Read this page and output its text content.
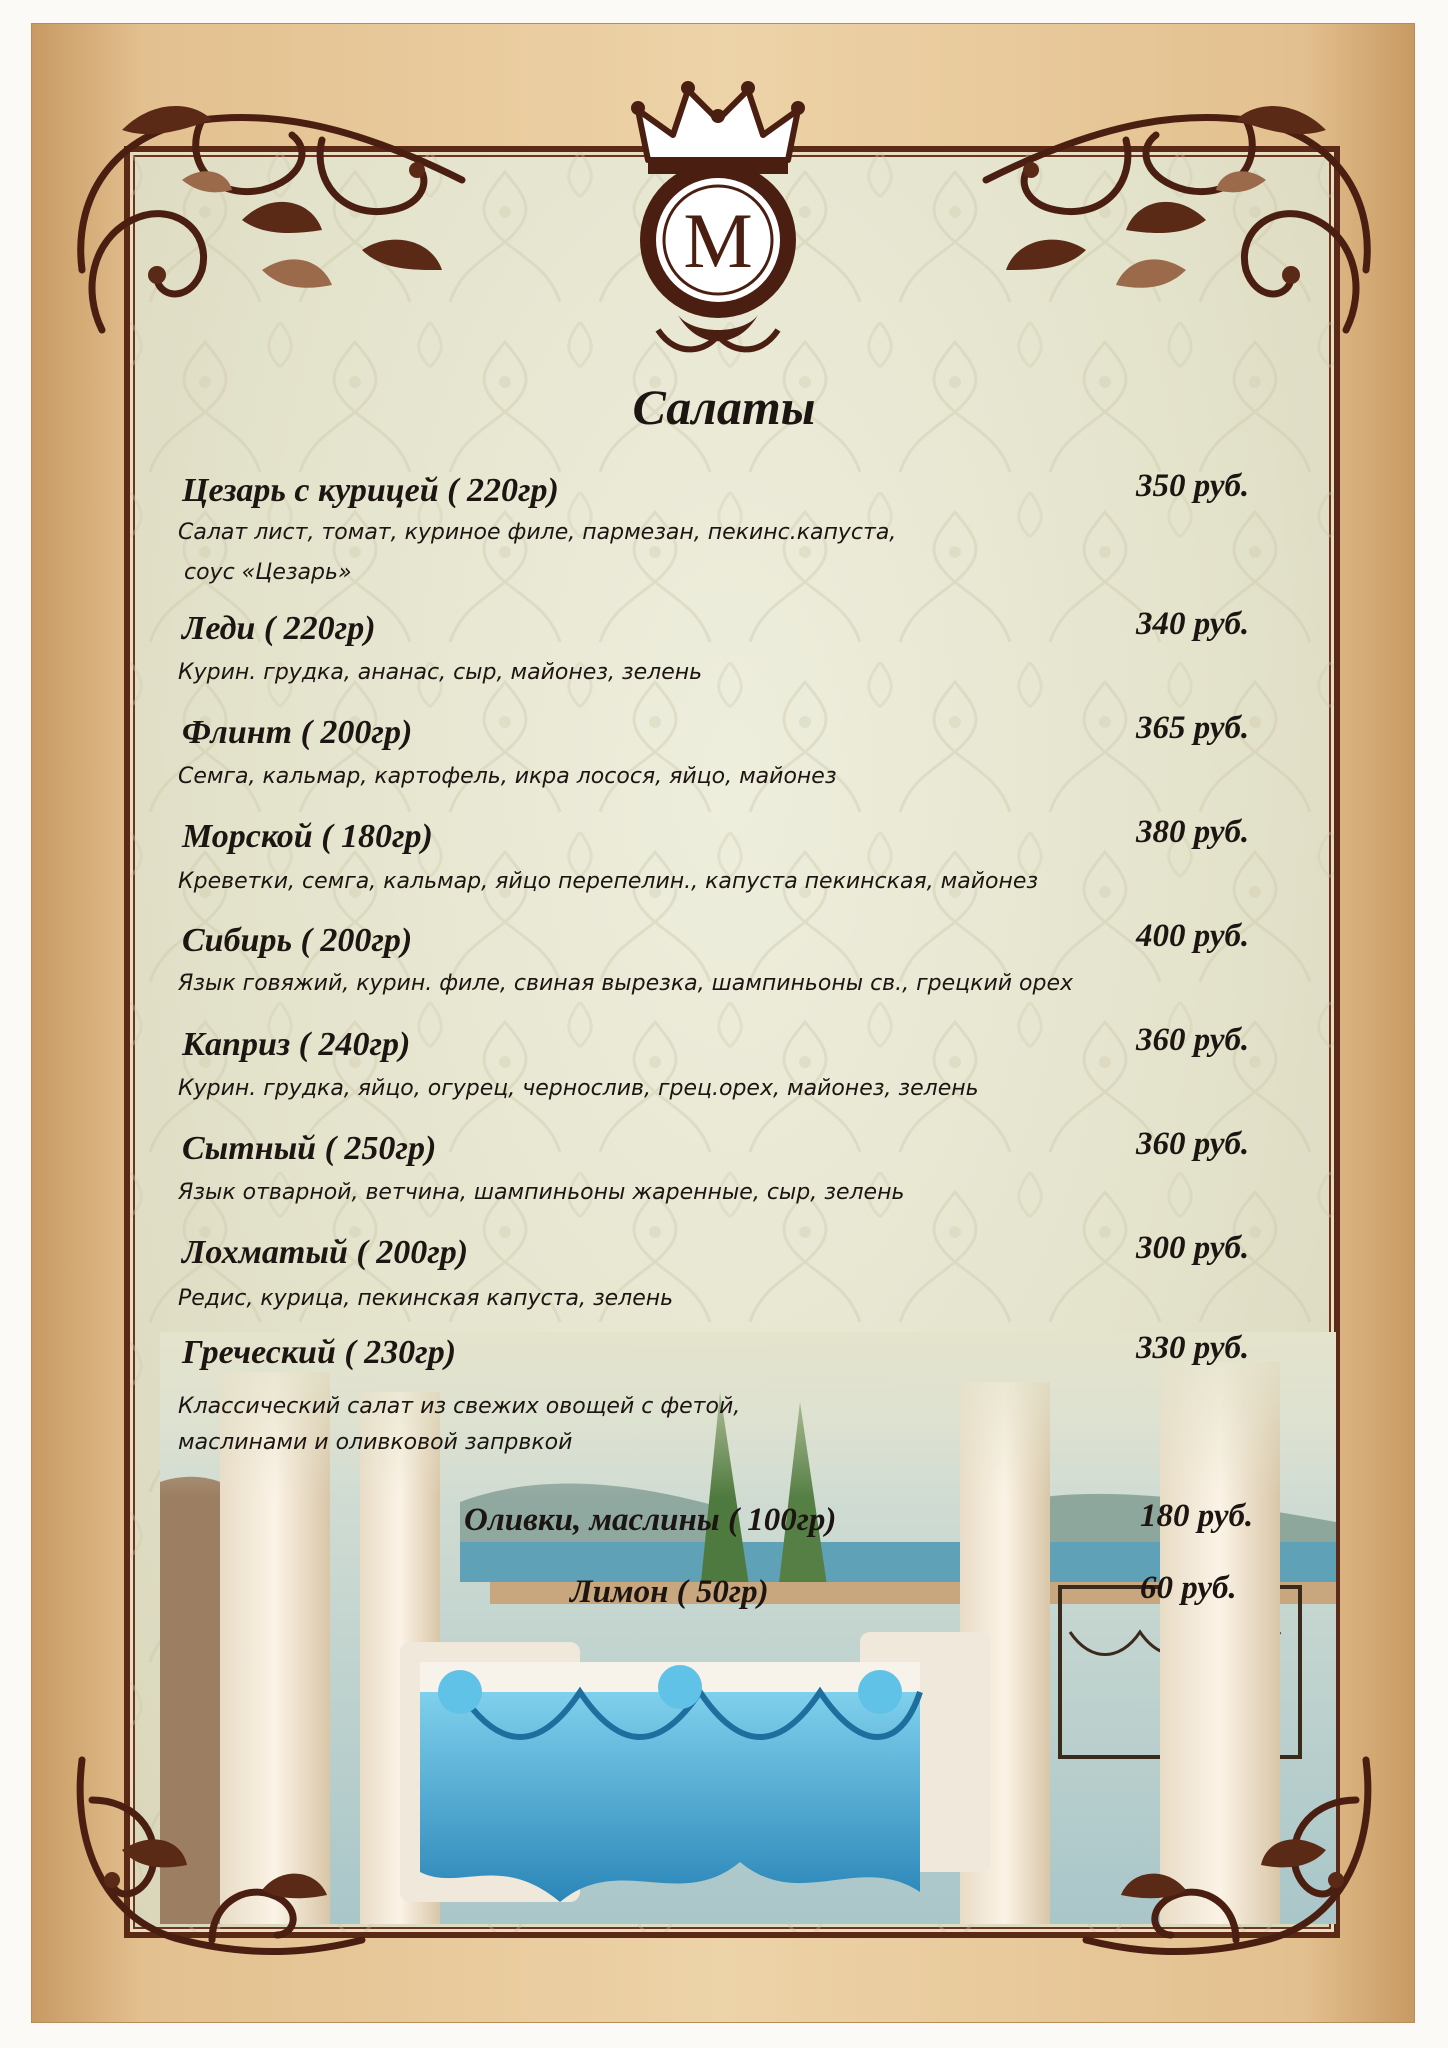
M
Салаты
Цезарь с курицей ( 220гр)	350 руб.
Салат лист, томат, куриное филе, пармезан, пекинс.капуста,
соус «Цезарь»
Леди ( 220гр)	340 руб.
Курин. грудка, ананас, сыр, майонез, зелень
Флинт ( 200гр)	365 руб.
Семга, кальмар, картофель, икра лосося, яйцо, майонез
Морской ( 180гр)	380 руб.
Креветки, семга, кальмар, яйцо перепелин., капуста пекинская, майонез
Сибирь ( 200гр)	400 руб.
Язык говяжий, курин. филе, свиная вырезка, шампиньоны св., грецкий орех
Каприз ( 240гр)	360 руб.
Курин. грудка, яйцо, огурец, чернослив, грец.орех, майонез, зелень
Сытный ( 250гр)	360 руб.
Язык отварной, ветчина, шампиньоны жаренные, сыр, зелень
Лохматый ( 200гр)	300 руб.
Редис, курица, пекинская капуста, зелень
Греческий ( 230гр)	330 руб.
Классический салат из свежих овощей с фетой,
маслинами и оливковой запрвкой
Оливки, маслины ( 100гр)	180 руб.
Лимон ( 50гр)	60 руб.
